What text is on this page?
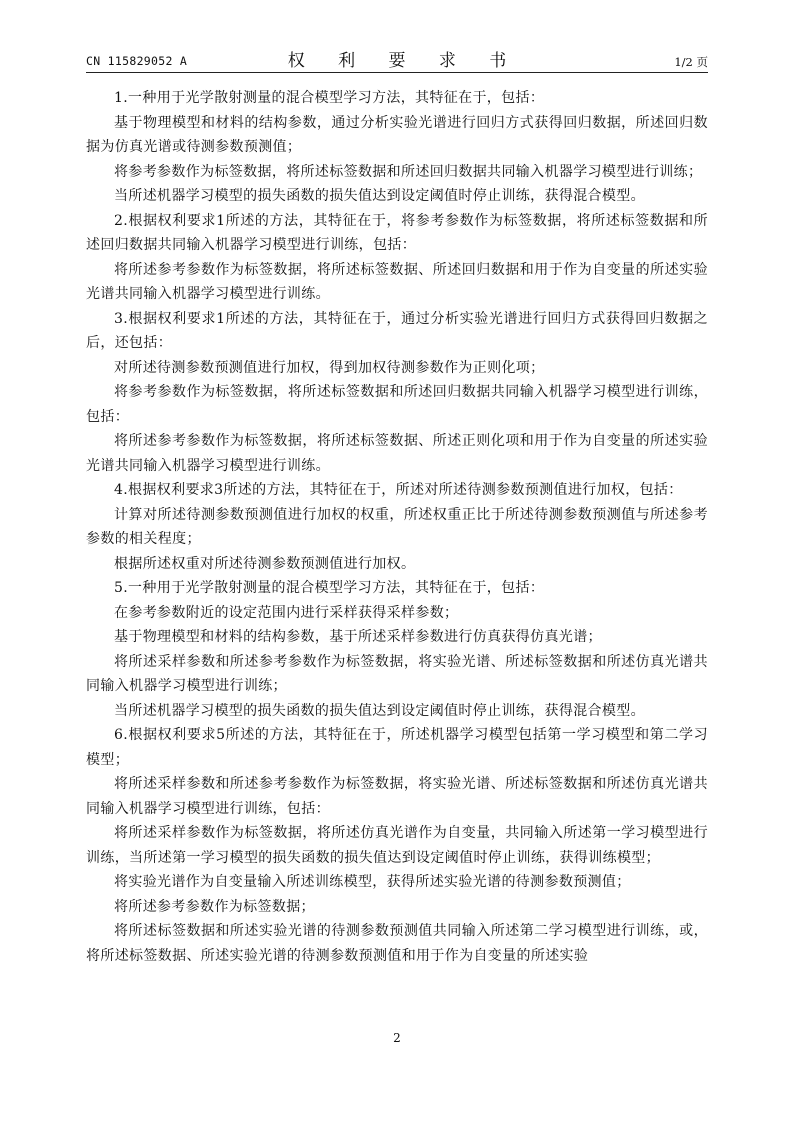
CN 115829052 A	权 利 要 求 书	1/2 页

1.一种用于光学散射测量的混合模型学习方法，其特征在于，包括：

基于物理模型和材料的结构参数，通过分析实验光谱进行回归方式获得回归数据，所述回归数据为仿真光谱或待测参数预测值；

将参考参数作为标签数据，将所述标签数据和所述回归数据共同输入机器学习模型进行训练；

当所述机器学习模型的损失函数的损失值达到设定阈值时停止训练，获得混合模型。

2.根据权利要求1所述的方法，其特征在于，将参考参数作为标签数据，将所述标签数据和所述回归数据共同输入机器学习模型进行训练，包括：

将所述参考参数作为标签数据，将所述标签数据、所述回归数据和用于作为自变量的所述实验光谱共同输入机器学习模型进行训练。

3.根据权利要求1所述的方法，其特征在于，通过分析实验光谱进行回归方式获得回归数据之后，还包括：

对所述待测参数预测值进行加权，得到加权待测参数作为正则化项；

将参考参数作为标签数据，将所述标签数据和所述回归数据共同输入机器学习模型进行训练，包括：

将所述参考参数作为标签数据，将所述标签数据、所述正则化项和用于作为自变量的所述实验光谱共同输入机器学习模型进行训练。

4.根据权利要求3所述的方法，其特征在于，所述对所述待测参数预测值进行加权，包括：

计算对所述待测参数预测值进行加权的权重，所述权重正比于所述待测参数预测值与所述参考参数的相关程度；

根据所述权重对所述待测参数预测值进行加权。

5.一种用于光学散射测量的混合模型学习方法，其特征在于，包括：

在参考参数附近的设定范围内进行采样获得采样参数；

基于物理模型和材料的结构参数，基于所述采样参数进行仿真获得仿真光谱；

将所述采样参数和所述参考参数作为标签数据，将实验光谱、所述标签数据和所述仿真光谱共同输入机器学习模型进行训练；

当所述机器学习模型的损失函数的损失值达到设定阈值时停止训练，获得混合模型。

6.根据权利要求5所述的方法，其特征在于，所述机器学习模型包括第一学习模型和第二学习模型；

将所述采样参数和所述参考参数作为标签数据，将实验光谱、所述标签数据和所述仿真光谱共同输入机器学习模型进行训练，包括：

将所述采样参数作为标签数据，将所述仿真光谱作为自变量，共同输入所述第一学习模型进行训练，当所述第一学习模型的损失函数的损失值达到设定阈值时停止训练，获得训练模型；

将实验光谱作为自变量输入所述训练模型，获得所述实验光谱的待测参数预测值；

将所述参考参数作为标签数据；

将所述标签数据和所述实验光谱的待测参数预测值共同输入所述第二学习模型进行训练，或，将所述标签数据、所述实验光谱的待测参数预测值和用于作为自变量的所述实验

2
